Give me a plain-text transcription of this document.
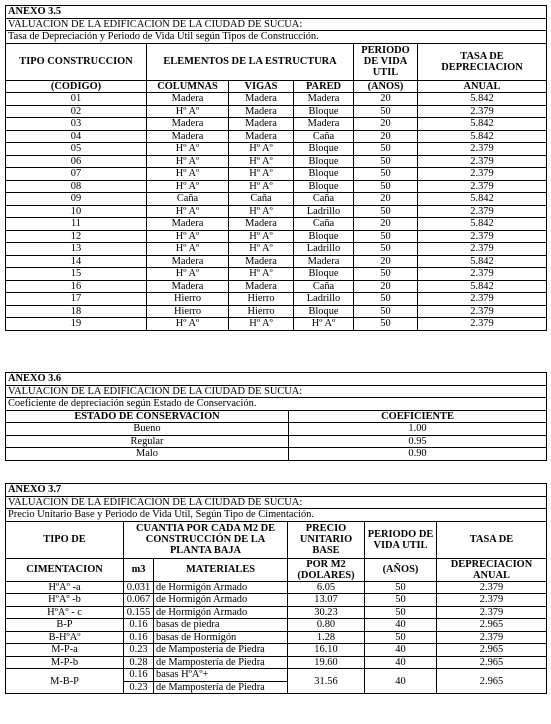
ANEXO 3.5					
VALUACION DE LA EDIFICACION DE LA CIUDAD DE SUCUA:					
Tasa de Depreciación y Periodo de Vida Util según Tipos de Construcción.					
TIPO CONSTRUCCION	ELEMENTOS DE LA ESTRUCTURA			PERIODO DE VIDA UTIL	TASA DE DEPRECIACION
(CODIGO)	COLUMNAS	VIGAS	PARED	(AÑOS)	ANUAL
01	Madera	Madera	Madera	20	5.842
02	Hº Aº	Madera	Bloque	50	2.379
03	Madera	Madera	Madera	20	5.842
04	Madera	Madera	Caña	20	5.842
05	Hº Aº	Hº Aº	Bloque	50	2.379
06	Hº Aº	Hº Aº	Bloque	50	2.379
07	Hº Aº	Hº Aº	Bloque	50	2.379
08	Hº Aº	Hº Aº	Bloque	50	2.379
09	Caña	Caña	Caña	20	5.842
10	Hº Aº	Hº Aº	Ladrillo	50	2.379
11	Madera	Madera	Caña	20	5.842
12	Hº Aº	Hº Aº	Bloque	50	2.379
13	Hº Aº	Hº Aº	Ladrillo	50	2.379
14	Madera	Madera	Madera	20	5.842
15	Hº Aº	Hº Aº	Bloque	50	2.379
16	Madera	Madera	Caña	20	5.842
17	Hierro	Hierro	Ladrillo	50	2.379
18	Hierro	Hierro	Bloque	50	2.379
19	Hº Aº	Hº Aº	Hº Aº	50	2.379
ANEXO 3.6	
VALUACION DE LA EDIFICACION DE LA CIUDAD DE SUCUA:	
Coeficiente de depreciación según Estado de Conservación.	
ESTADO DE CONSERVACION	COEFICIENTE
Bueno	1.00
Regular	0.95
Malo	0.90
ANEXO 3.7					
VALUACION DE LA EDIFICACION DE LA CIUDAD DE SUCUA:					
Precio Unitario Base y Periodo de Vida Util, Según Tipo de Cimentación.					
TIPO DE	CUANTIA POR CADA M2 DE CONSTRUCCIÓN DE LA PLANTA BAJA		PRECIO UNITARIO BASE	PERIODO DE VIDA UTIL	TASA DE
CIMENTACION	m3	MATERIALES	POR M2 (DOLARES)	(AÑOS)	DEPRECIACION ANUAL
HºAº -a	0.031	de Hormigón Armado	6.05	50	2.379
HºAº -b	0.067	de Hormigón Armado	13.07	50	2.379
HºAº - c	0.155	de Hormigón Armado	30.23	50	2.379
B-P	0.16	basas de piedra	0.80	40	2.965
B-HºAº	0.16	basas de Hormigón	1.28	50	2.379
M-P-a	0.23	de Mampostería de Piedra	16.10	40	2.965
M-P-b	0.28	de Mampostería de Piedra	19.60	40	2.965
M-B-P	0.16	basas HºAº+	31.56	40	2.965
	0.23	de Mampostería de Piedra			
